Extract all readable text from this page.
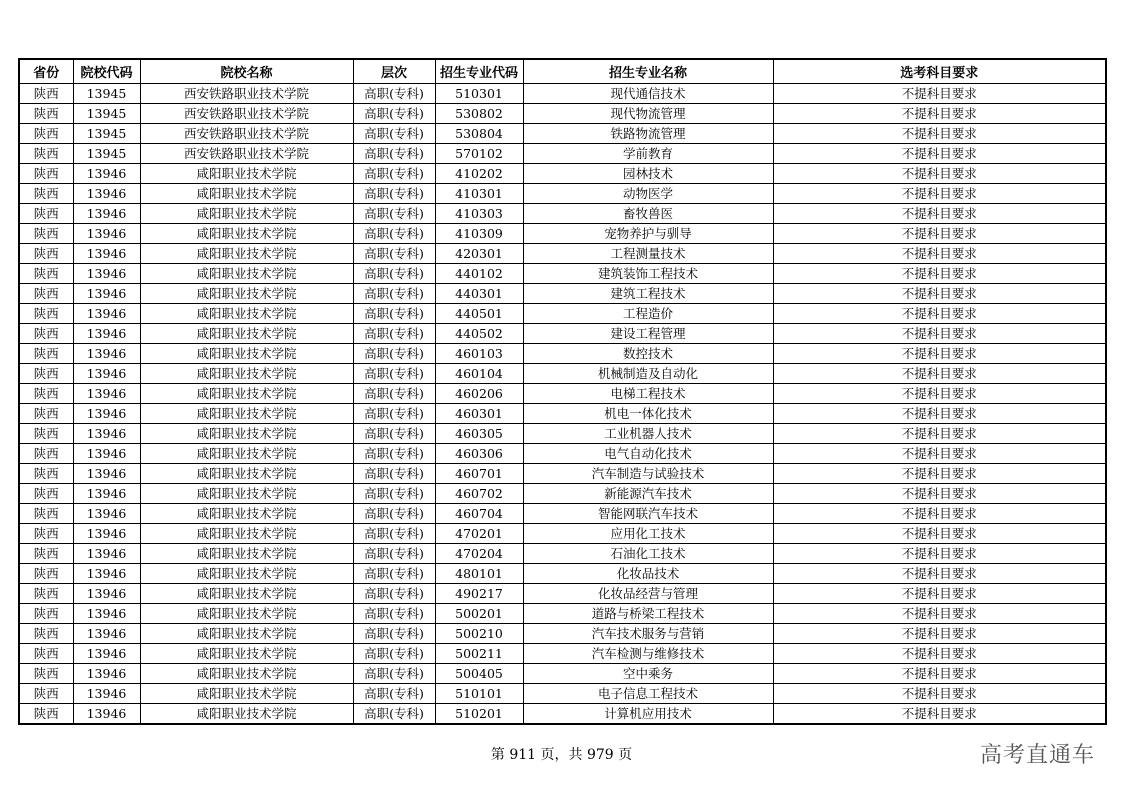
省份	院校代码	院校名称	层次	招生专业代码	招生专业名称	选考科目要求
陕西	13945	西安铁路职业技术学院	高职(专科)	510301	现代通信技术	不提科目要求
陕西	13945	西安铁路职业技术学院	高职(专科)	530802	现代物流管理	不提科目要求
陕西	13945	西安铁路职业技术学院	高职(专科)	530804	铁路物流管理	不提科目要求
陕西	13945	西安铁路职业技术学院	高职(专科)	570102	学前教育	不提科目要求
陕西	13946	咸阳职业技术学院	高职(专科)	410202	园林技术	不提科目要求
陕西	13946	咸阳职业技术学院	高职(专科)	410301	动物医学	不提科目要求
陕西	13946	咸阳职业技术学院	高职(专科)	410303	畜牧兽医	不提科目要求
陕西	13946	咸阳职业技术学院	高职(专科)	410309	宠物养护与驯导	不提科目要求
陕西	13946	咸阳职业技术学院	高职(专科)	420301	工程测量技术	不提科目要求
陕西	13946	咸阳职业技术学院	高职(专科)	440102	建筑装饰工程技术	不提科目要求
陕西	13946	咸阳职业技术学院	高职(专科)	440301	建筑工程技术	不提科目要求
陕西	13946	咸阳职业技术学院	高职(专科)	440501	工程造价	不提科目要求
陕西	13946	咸阳职业技术学院	高职(专科)	440502	建设工程管理	不提科目要求
陕西	13946	咸阳职业技术学院	高职(专科)	460103	数控技术	不提科目要求
陕西	13946	咸阳职业技术学院	高职(专科)	460104	机械制造及自动化	不提科目要求
陕西	13946	咸阳职业技术学院	高职(专科)	460206	电梯工程技术	不提科目要求
陕西	13946	咸阳职业技术学院	高职(专科)	460301	机电一体化技术	不提科目要求
陕西	13946	咸阳职业技术学院	高职(专科)	460305	工业机器人技术	不提科目要求
陕西	13946	咸阳职业技术学院	高职(专科)	460306	电气自动化技术	不提科目要求
陕西	13946	咸阳职业技术学院	高职(专科)	460701	汽车制造与试验技术	不提科目要求
陕西	13946	咸阳职业技术学院	高职(专科)	460702	新能源汽车技术	不提科目要求
陕西	13946	咸阳职业技术学院	高职(专科)	460704	智能网联汽车技术	不提科目要求
陕西	13946	咸阳职业技术学院	高职(专科)	470201	应用化工技术	不提科目要求
陕西	13946	咸阳职业技术学院	高职(专科)	470204	石油化工技术	不提科目要求
陕西	13946	咸阳职业技术学院	高职(专科)	480101	化妆品技术	不提科目要求
陕西	13946	咸阳职业技术学院	高职(专科)	490217	化妆品经营与管理	不提科目要求
陕西	13946	咸阳职业技术学院	高职(专科)	500201	道路与桥梁工程技术	不提科目要求
陕西	13946	咸阳职业技术学院	高职(专科)	500210	汽车技术服务与营销	不提科目要求
陕西	13946	咸阳职业技术学院	高职(专科)	500211	汽车检测与维修技术	不提科目要求
陕西	13946	咸阳职业技术学院	高职(专科)	500405	空中乘务	不提科目要求
陕西	13946	咸阳职业技术学院	高职(专科)	510101	电子信息工程技术	不提科目要求
陕西	13946	咸阳职业技术学院	高职(专科)	510201	计算机应用技术	不提科目要求
第 911 页，共 979 页	高考直通车
